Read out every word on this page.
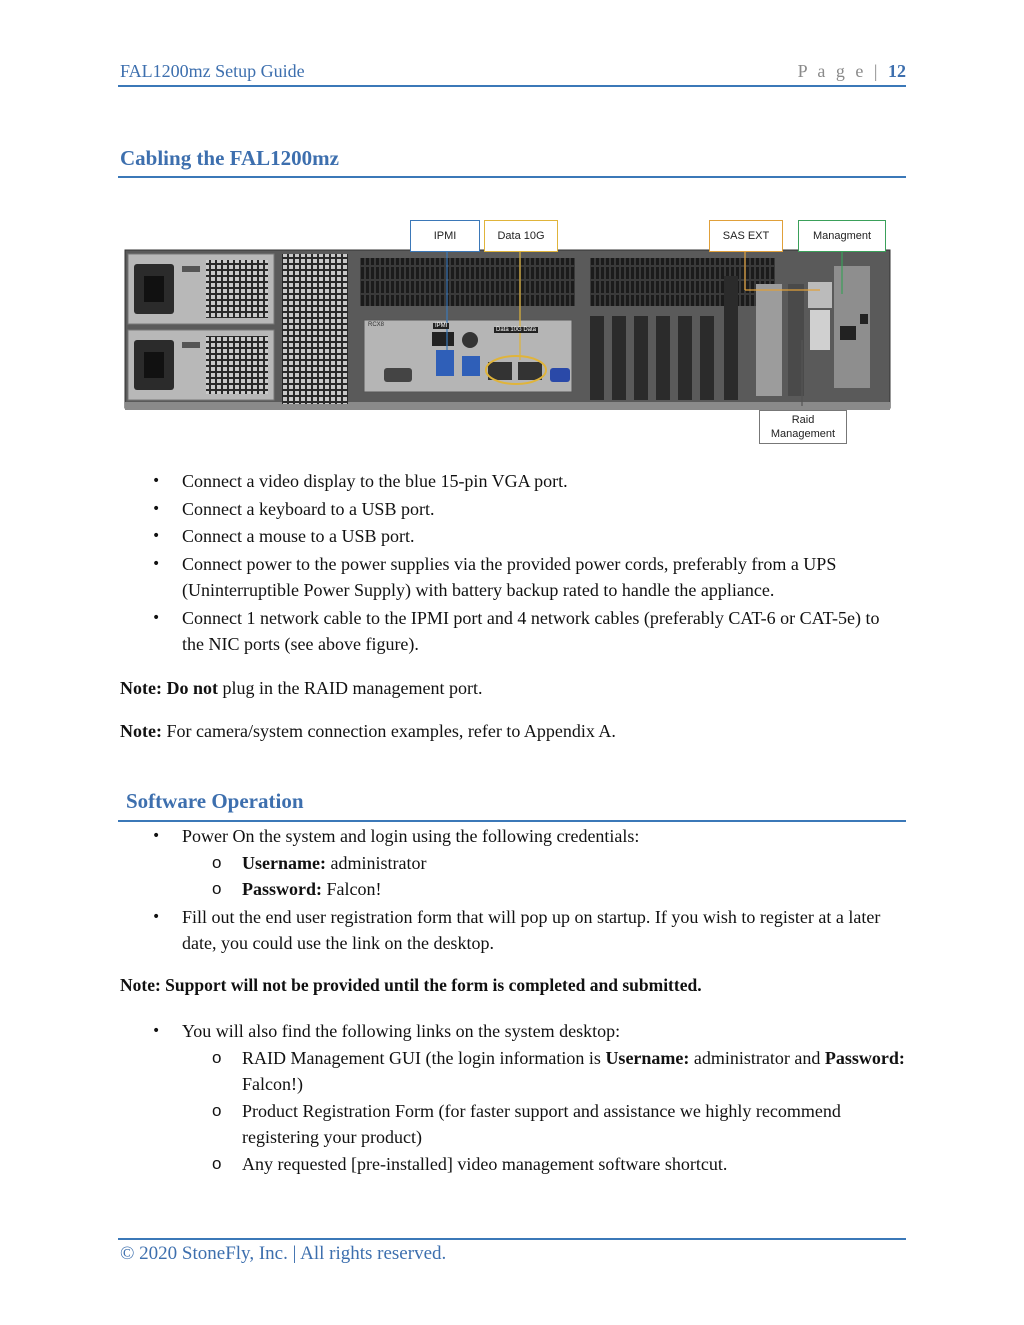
FAL1200mz Setup Guide	P a g e | 12
Cabling the FAL1200mz
IPMI
Data 10G Data
RCX8
IPMI	Data 10G	SAS EXT	Managment
Raid Management
• Connect a video display to the blue 15-pin VGA port.
• Connect a keyboard to a USB port.
• Connect a mouse to a USB port.
• Connect power to the power supplies via the provided power cords, preferably from a UPS (Uninterruptible Power Supply) with battery backup rated to handle the appliance.
• Connect 1 network cable to the IPMI port and 4 network cables (preferably CAT-6 or CAT-5e) to the NIC ports (see above figure).
Note: Do not plug in the RAID management port.
Note: For camera/system connection examples, refer to Appendix A.
Software Operation
• Power On the system and login using the following credentials:
o Username: administrator
o Password: Falcon!
• Fill out the end user registration form that will pop up on startup. If you wish to register at a later date, you could use the link on the desktop.
Note: Support will not be provided until the form is completed and submitted.
• You will also find the following links on the system desktop:
o RAID Management GUI (the login information is Username: administrator and Password: Falcon!)
o Product Registration Form (for faster support and assistance we highly recommend registering your product)
o Any requested [pre-installed] video management software shortcut.
© 2020 StoneFly, Inc. | All rights reserved.
